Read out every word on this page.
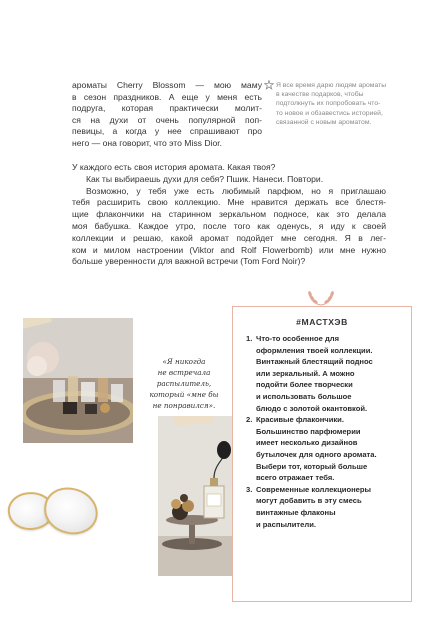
ароматы Cherry Blossom — мою маму
в сезон праздников. А еще у меня есть
подруга, которая практически молит-
ся на духи от очень популярной поп-
певицы, а когда у нее спрашивают про
него — она говорит, что это Miss Dior.
Я все время дарю людям ароматы
в качестве подарков, чтобы
подтолкнуть их попробовать что-
то новое и обзавестись историей,
связанной с новым ароматом.
У каждого есть своя история аромата. Какая твоя?
Как ты выбираешь духи для себя? Пшик. Нанеси. Повтори.
Возможно, у тебя уже есть любимый парфюм, но я приглашаю
тебя расширить свою коллекцию. Мне нравится держать все блестя-
щие флакончики на старинном зеркальном подносе, как это делала
моя бабушка. Каждое утро, после того как оденусь, я иду к своей
коллекции и решаю, какой аромат подойдет мне сегодня. Я в лег-
ком и милом настроении (Viktor and Rolf Flowerbomb) или мне нужно
больше уверенности для важной встречи (Tom Ford Noir)?
«Я никогда
не встречала
распылитель,
который «мне бы
не понравился».
#МАСТХЭВ
1. Что-то особенное для
оформления твоей коллекции.
Винтажный блестящий поднос
или зеркальный. А можно
подойти более творчески
и использовать большое
блюдо с золотой окантовкой.
2. Красивые флакончики.
Большинство парфюмерии
имеет несколько дизайнов
бутылочек для одного аромата.
Выбери тот, который больше
всего отражает тебя.
3. Современные коллекционеры
могут добавить в эту смесь
винтажные флаконы
и распылители.
